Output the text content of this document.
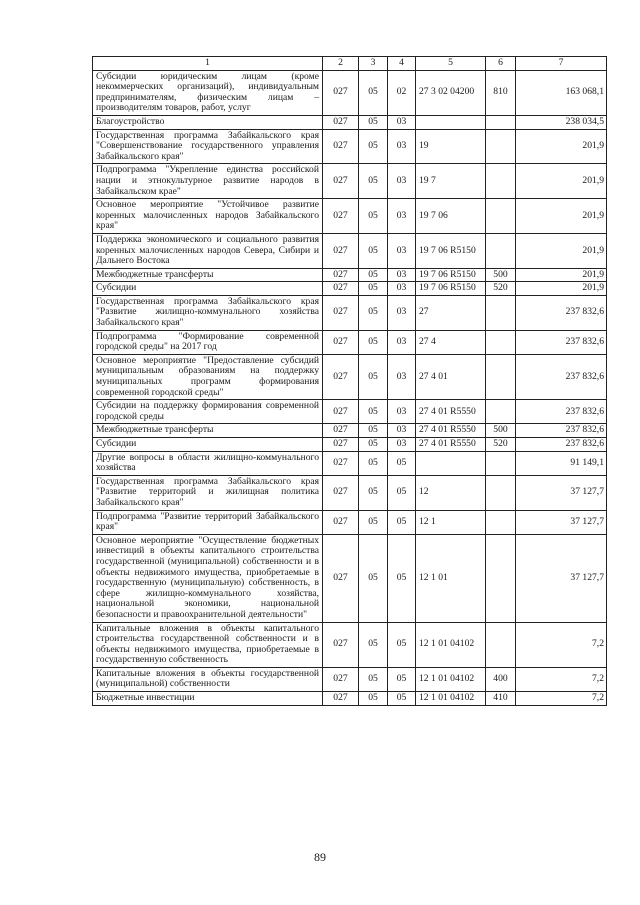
1	2	3	4	5	6	7
Субсидии юридическим лицам (кроме некоммерческих организаций), индивидуальным предпринимателям, физическим лицам – производителям товаров, работ, услуг	027	05	02	27 3 02 04200	810	163 068,1
Благоустройство	027	05	03			238 034,5
Государственная программа Забайкальского края "Совершенствование государственного управления Забайкальского края"	027	05	03	19		201,9
Подпрограмма "Укрепление единства российской нации и этнокультурное развитие народов в Забайкальском крае"	027	05	03	19 7		201,9
Основное мероприятие "Устойчивое развитие коренных малочисленных народов Забайкальского края"	027	05	03	19 7 06		201,9
Поддержка экономического и социального развития коренных малочисленных народов Севера, Сибири и Дальнего Востока	027	05	03	19 7 06 R5150		201,9
Межбюджетные трансферты	027	05	03	19 7 06 R5150	500	201,9
Субсидии	027	05	03	19 7 06 R5150	520	201,9
Государственная программа Забайкальского края "Развитие жилищно-коммунального хозяйства Забайкальского края"	027	05	03	27		237 832,6
Подпрограмма "Формирование современной городской среды" на 2017 год	027	05	03	27 4		237 832,6
Основное мероприятие "Предоставление субсидий муниципальным образованиям на поддержку муниципальных программ формирования современной городской среды"	027	05	03	27 4 01		237 832,6
Субсидии на поддержку формирования современной городской среды	027	05	03	27 4 01 R5550		237 832,6
Межбюджетные трансферты	027	05	03	27 4 01 R5550	500	237 832,6
Субсидии	027	05	03	27 4 01 R5550	520	237 832,6
Другие вопросы в области жилищно-коммунального хозяйства	027	05	05			91 149,1
Государственная программа Забайкальского края "Развитие территорий и жилищная политика Забайкальского края"	027	05	05	12		37 127,7
Подпрограмма "Развитие территорий Забайкальского края"	027	05	05	12 1		37 127,7
Основное мероприятие "Осуществление бюджетных инвестиций в объекты капитального строительства государственной (муниципальной) собственности и в объекты недвижимого имущества, приобретаемые в государственную (муниципальную) собственность, в сфере жилищно-коммунального хозяйства, национальной экономики, национальной безопасности и правоохранительной деятельности"	027	05	05	12 1 01		37 127,7
Капитальные вложения в объекты капитального строительства государственной собственности и в объекты недвижимого имущества, приобретаемые в государственную собственность	027	05	05	12 1 01 04102		7,2
Капитальные вложения в объекты государственной (муниципальной) собственности	027	05	05	12 1 01 04102	400	7,2
Бюджетные инвестиции	027	05	05	12 1 01 04102	410	7,2
89
